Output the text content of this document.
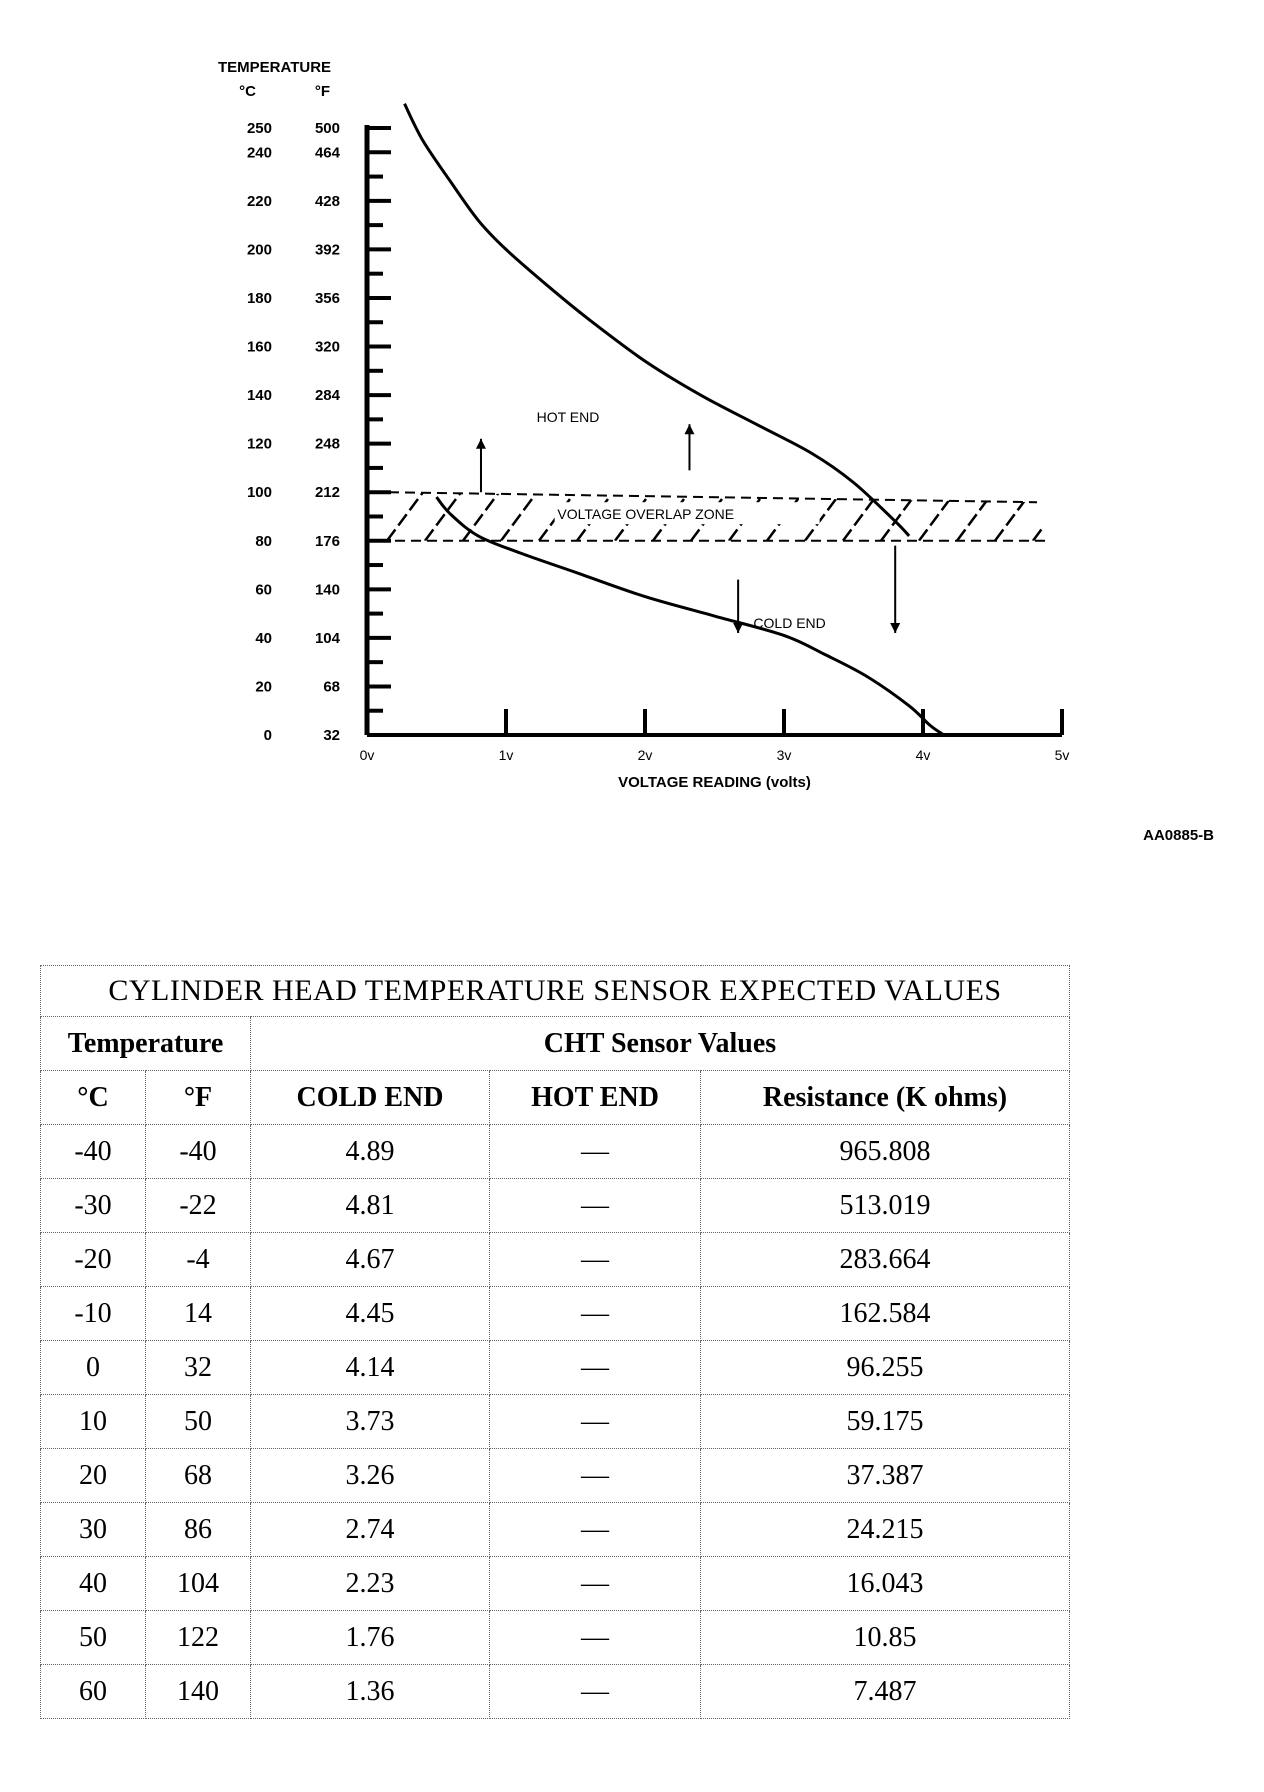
250	500
240	464
220	428
200	392
180	356
160	320
140	284
120	248
100	212
80	176
60	140
40	104
20	68
0	32
TEMPERATURE
°C	°F
0v	1v	2v	3v	4v	5v
VOLTAGE READING (volts)
VOLTAGE OVERLAP ZONE
HOT END
COLD END
AA0885-B
CYLINDER HEAD TEMPERATURE SENSOR EXPECTED VALUES				
Temperature		CHT Sensor Values		
°C	°F	COLD END	HOT END	Resistance (K ohms)
-40	-40	4.89	—	965.808
-30	-22	4.81	—	513.019
-20	-4	4.67	—	283.664
-10	14	4.45	—	162.584
0	32	4.14	—	96.255
10	50	3.73	—	59.175
20	68	3.26	—	37.387
30	86	2.74	—	24.215
40	104	2.23	—	16.043
50	122	1.76	—	10.85
60	140	1.36	—	7.487
